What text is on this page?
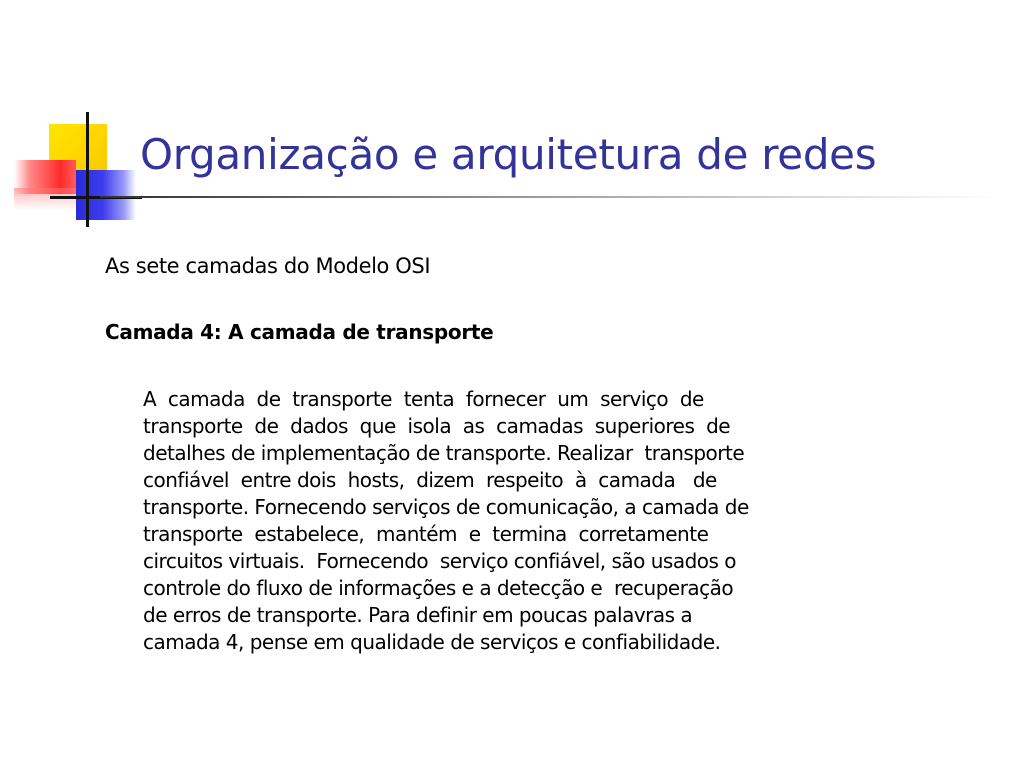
Organização e arquitetura de redes

As sete camadas do Modelo OSI

Camada 4: A camada de transporte

A  camada  de  transporte  tenta  fornecer  um  serviço  de
transporte  de  dados  que  isola  as  camadas  superiores  de
detalhes de implementação de transporte. Realizar  transporte
confiável  entre dois  hosts,  dizem  respeito  à  camada   de
transporte. Fornecendo serviços de comunicação, a camada de
transporte  estabelece,  mantém  e  termina  corretamente
circuitos virtuais.  Fornecendo  serviço confiável, são usados o
controle do fluxo de informações e a detecção e  recuperação
de erros de transporte. Para definir em poucas palavras a
camada 4, pense em qualidade de serviços e confiabilidade.
